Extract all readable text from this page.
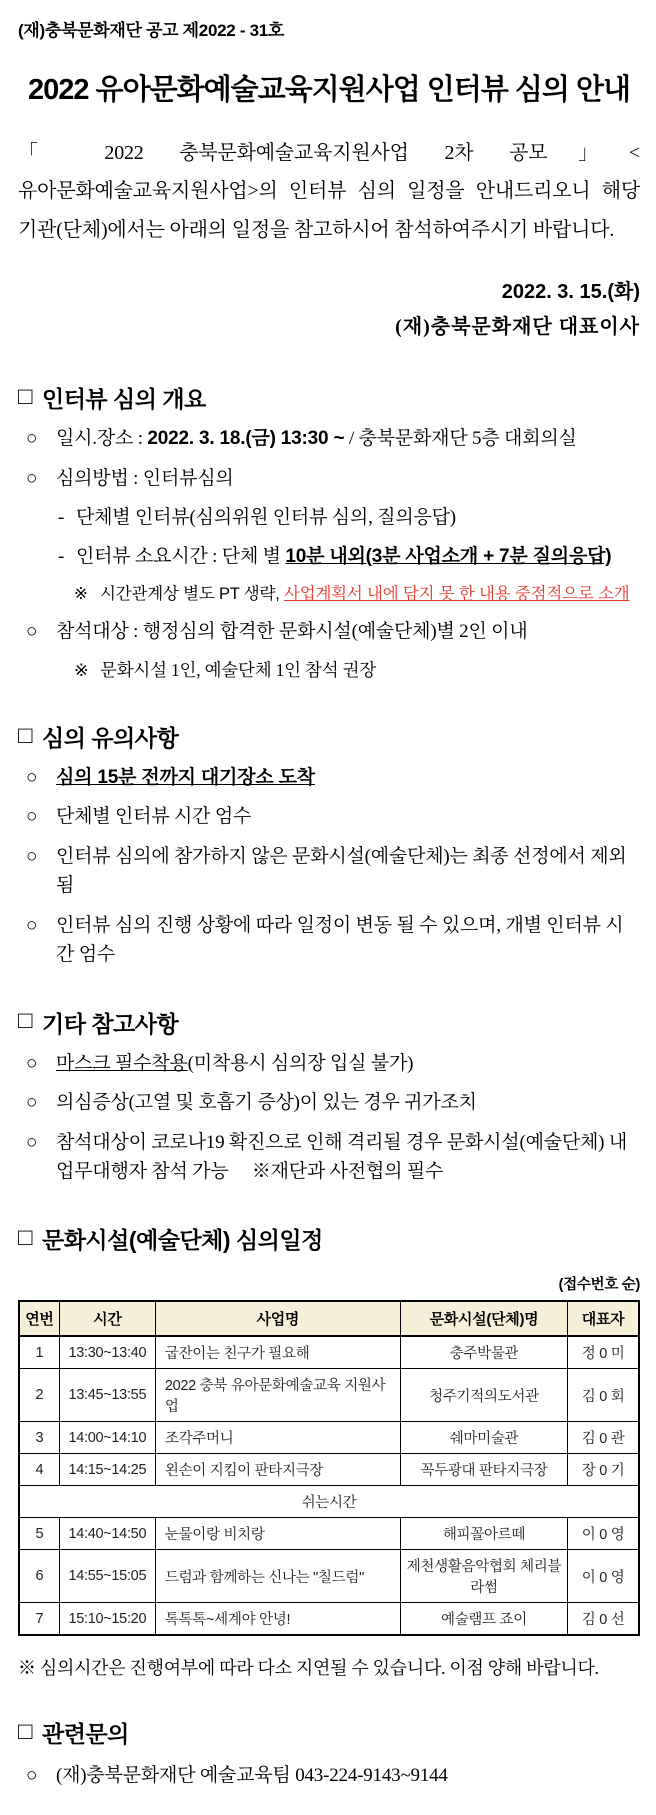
(재)충북문화재단 공고 제2022 - 31호
2022 유아문화예술교육지원사업 인터뷰 심의 안내

「 2022 충북문화예술교육지원사업 2차 공모」<유아문화예술교육지원사업>의 인터뷰 심의 일정을 안내드리오니 해당 기관(단체)에서는 아래의 일정을 참고하시어 참석하여주시기 바랍니다.

2022. 3. 15.(화)
(재)충북문화재단 대표이사
□ 인터뷰 심의 개요
○ 일시.장소 : 2022. 3. 18.(금) 13:30 ~ / 충북문화재단 5층 대회의실
○ 심의방법 : 인터뷰심의
- 단체별 인터뷰(심의위원 인터뷰 심의, 질의응답)
- 인터뷰 소요시간 : 단체 별 10분 내외(3분 사업소개 + 7분 질의응답)
※ 시간관계상 별도 PT 생략, 사업계획서 내에 담지 못 한 내용 중점적으로 소개
○ 참석대상 : 행정심의 합격한 문화시설(예술단체)별 2인 이내
※ 문화시설 1인, 예술단체 1인 참석 권장
□ 심의 유의사항
○ 심의 15분 전까지 대기장소 도착
○ 단체별 인터뷰 시간 엄수
○ 인터뷰 심의에 참가하지 않은 문화시설(예술단체)는 최종 선정에서 제외됨
○ 인터뷰 심의 진행 상황에 따라 일정이 변동 될 수 있으며, 개별 인터뷰 시간 엄수
□ 기타 참고사항
○ 마스크 필수착용(미착용시 심의장 입실 불가)
○ 의심증상(고열 및 호흡기 증상)이 있는 경우 귀가조치
○ 참석대상이 코로나19 확진으로 인해 격리될 경우 문화시설(예술단체) 내 업무대행자 참석 가능　 ※재단과 사전협의 필수
□ 문화시설(예술단체) 심의일정
(접수번호 순)
연번	시간	사업명	문화시설(단체)명	대표자
1	13:30~13:40	굽잔이는 친구가 필요해	충주박물관	정 0 미
2	13:45~13:55	2022 충북 유아문화예술교육 지원사업	청주기적의도서관	김 0 회
3	14:00~14:10	조각주머니	쉐마미술관	김 0 관
4	14:15~14:25	왼손이 지킴이 판타지극장	꼭두광대 판타지극장	장 0 기
쉬는시간				
5	14:40~14:50	눈물이랑 비치랑	해피꼴아르떼	이 0 영
6	14:55~15:05	드럼과 함께하는 신나는 "칠드럼"	제천생활음악협회 체리블라썸	이 0 영
7	15:10~15:20	톡톡톡~세계야 안녕!	예술램프 죠이	김 0 선
※ 심의시간은 진행여부에 따라 다소 지연될 수 있습니다. 이점 양해 바랍니다.
□ 관련문의
○ (재)충북문화재단 예술교육팀 043-224-9143~9144
